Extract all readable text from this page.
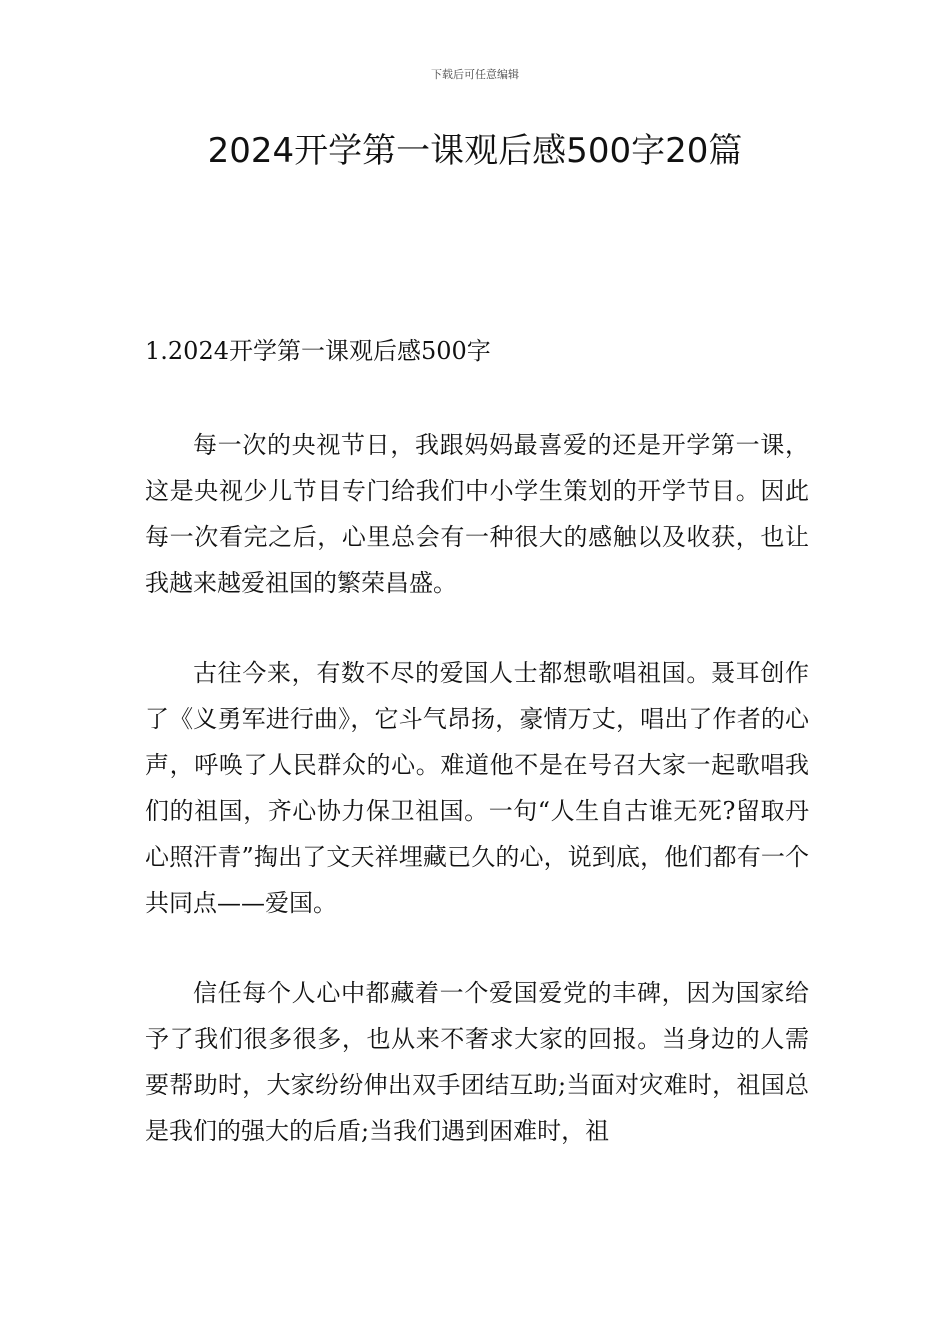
下载后可任意编辑
2024开学第一课观后感500字20篇

1.2024开学第一课观后感500字

每一次的央视节日，我跟妈妈最喜爱的还是开学第一课，这是央视少儿节目专门给我们中小学生策划的开学节目。因此每一次看完之后，心里总会有一种很大的感触以及收获，也让我越来越爱祖国的繁荣昌盛。

古往今来，有数不尽的爱国人士都想歌唱祖国。聂耳创作了《义勇军进行曲》，它斗气昂扬，豪情万丈，唱出了作者的心声，呼唤了人民群众的心。难道他不是在号召大家一起歌唱我们的祖国，齐心协力保卫祖国。一句“人生自古谁无死?留取丹心照汗青”掏出了文天祥埋藏已久的心，说到底，他们都有一个共同点——爱国。

信任每个人心中都藏着一个爱国爱党的丰碑，因为国家给予了我们很多很多，也从来不奢求大家的回报。当身边的人需要帮助时，大家纷纷伸出双手团结互助;当面对灾难时，祖国总是我们的强大的后盾;当我们遇到困难时，祖
